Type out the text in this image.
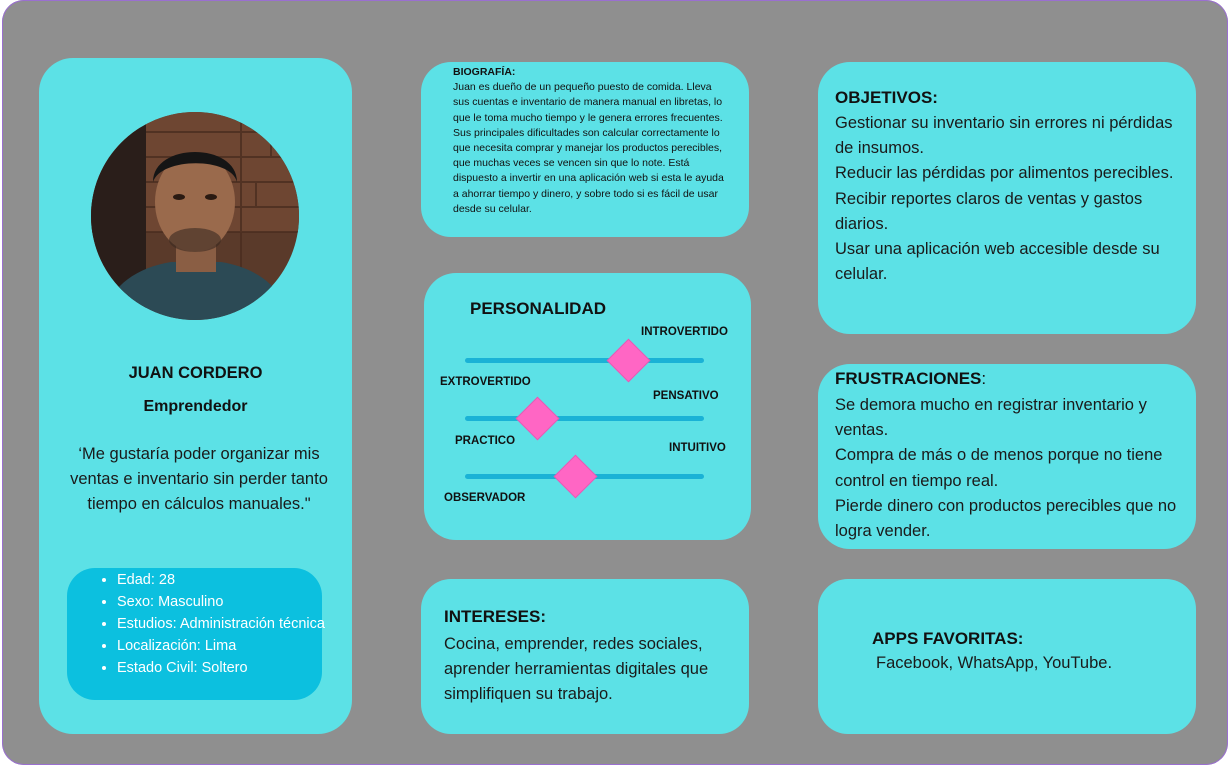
JUAN CORDERO
Emprendedor
‘Me gustaría poder organizar mis ventas e inventario sin perder tanto tiempo en cálculos manuales."
• Edad: 28
• Sexo: Masculino
• Estudios: Administración técnica
• Localización: Lima
• Estado Civil: Soltero
BIOGRAFÍA:
Juan es dueño de un pequeño puesto de comida. Lleva sus cuentas e inventario de manera manual en libretas, lo que le toma mucho tiempo y le genera errores frecuentes. Sus principales dificultades son calcular correctamente lo que necesita comprar y manejar los productos perecibles, que muchas veces se vencen sin que lo note. Está dispuesto a invertir en una aplicación web si esta le ayuda a ahorrar tiempo y dinero, y sobre todo si es fácil de usar desde su celular.
PERSONALIDAD
INTROVERTIDO
EXTROVERTIDO
PENSATIVO
PRACTICO
INTUITIVO
OBSERVADOR
INTERESES:
Cocina, emprender, redes sociales, aprender herramientas digitales que simplifiquen su trabajo.
OBJETIVOS:
Gestionar su inventario sin errores ni pérdidas de insumos.
Reducir las pérdidas por alimentos perecibles.
Recibir reportes claros de ventas y gastos diarios.
Usar una aplicación web accesible desde su celular.
FRUSTRACIONES:
Se demora mucho en registrar inventario y ventas.
Compra de más o de menos porque no tiene control en tiempo real.
Pierde dinero con productos perecibles que no logra vender.
APPS FAVORITAS:
Facebook, WhatsApp, YouTube.
